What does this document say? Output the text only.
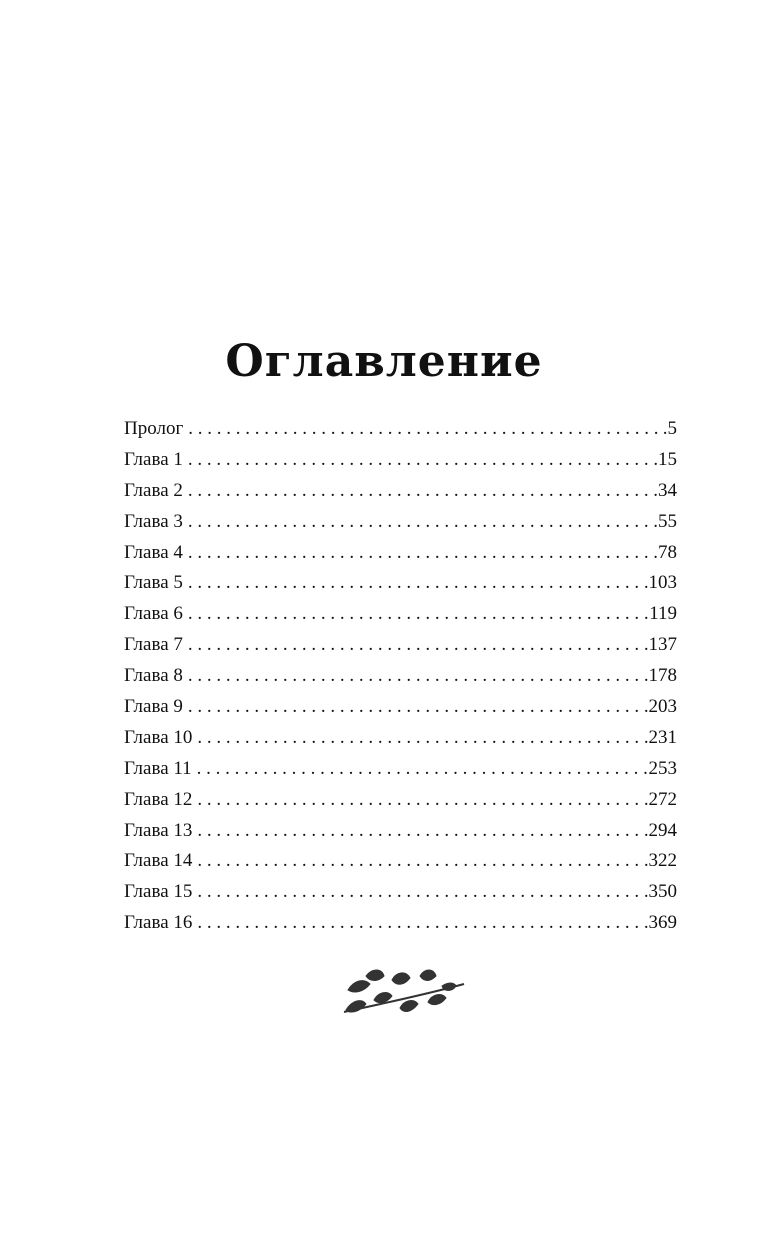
Оглавление
Пролог . . .	.5
Глава 1 . . .	15
Глава 2 . . .	.34
Глава 3 . . .	.55
Глава 4 . . .	.78
Глава 5 . . .	103
Глава 6 . . .	119
Глава 7 . . .	137
Глава 8 . . .	178
Глава 9 . . .	203
Глава 10 . . .	231
Глава 11 . . .	253
Глава 12 . . .	272
Глава 13 . . .	294
Глава 14 . . .	322
Глава 15 . . .	350
Глава 16 . . .	369
